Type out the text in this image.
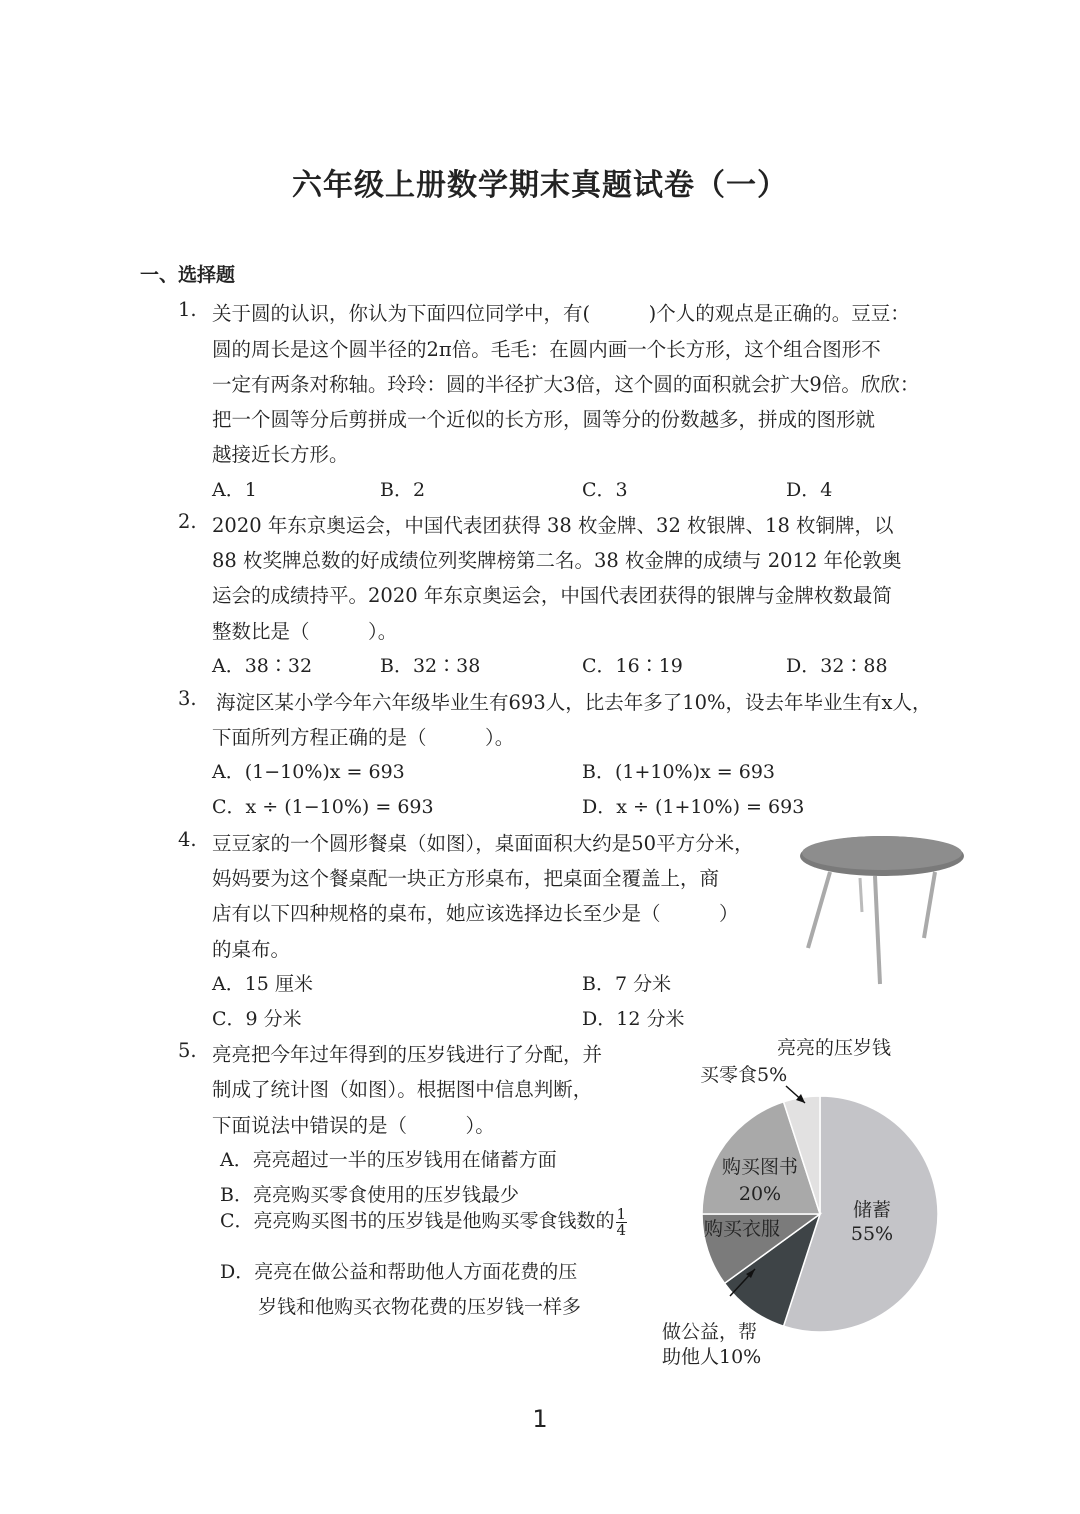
六年级上册数学期末真题试卷（一）
一、选择题
1. 关于圆的认识，你认为下面四位同学中，有(　　　)个人的观点是正确的。豆豆：
圆的周长是这个圆半径的2π倍。毛毛：在圆内画一个长方形，这个组合图形不
一定有两条对称轴。玲玲：圆的半径扩大3倍，这个圆的面积就会扩大9倍。欣欣：
把一个圆等分后剪拼成一个近似的长方形，圆等分的份数越多，拼成的图形就
越接近长方形。
A．1	B．2	C．3	D．4
2. 2020 年东京奥运会，中国代表团获得 38 枚金牌、32 枚银牌、18 枚铜牌，以
88 枚奖牌总数的好成绩位列奖牌榜第二名。38 枚金牌的成绩与 2012 年伦敦奥
运会的成绩持平。2020 年东京奥运会，中国代表团获得的银牌与金牌枚数最简
整数比是（　　　）。
A．38∶32	B．32∶38	C．16∶19	D．32∶88
3. 海淀区某小学今年六年级毕业生有693人，比去年多了10%，设去年毕业生有x人，
下面所列方程正确的是（　　　）。
A．(1−10%)x = 693	B．(1+10%)x = 693
C．x ÷ (1−10%) = 693	D．x ÷ (1+10%) = 693
4. 豆豆家的一个圆形餐桌（如图），桌面面积大约是50平方分米，
妈妈要为这个餐桌配一块正方形桌布，把桌面全覆盖上，商
店有以下四种规格的桌布，她应该选择边长至少是（　　　）
的桌布。
A．15 厘米	B．7 分米
C．9 分米	D．12 分米
5. 亮亮把今年过年得到的压岁钱进行了分配，并
制成了统计图（如图）。根据图中信息判断，
下面说法中错误的是（　　　）。
A．亮亮超过一半的压岁钱用在储蓄方面
B．亮亮购买零食使用的压岁钱最少
C．亮亮购买图书的压岁钱是他购买零食钱数的 $\frac{1}{4}$
D．亮亮在做公益和帮助他人方面花费的压
岁钱和他购买衣物花费的压岁钱一样多
亮亮的压岁钱
储蓄
55%
做公益，帮
助他人10%
购买衣服
购买图书
20%
买零食5%
1
